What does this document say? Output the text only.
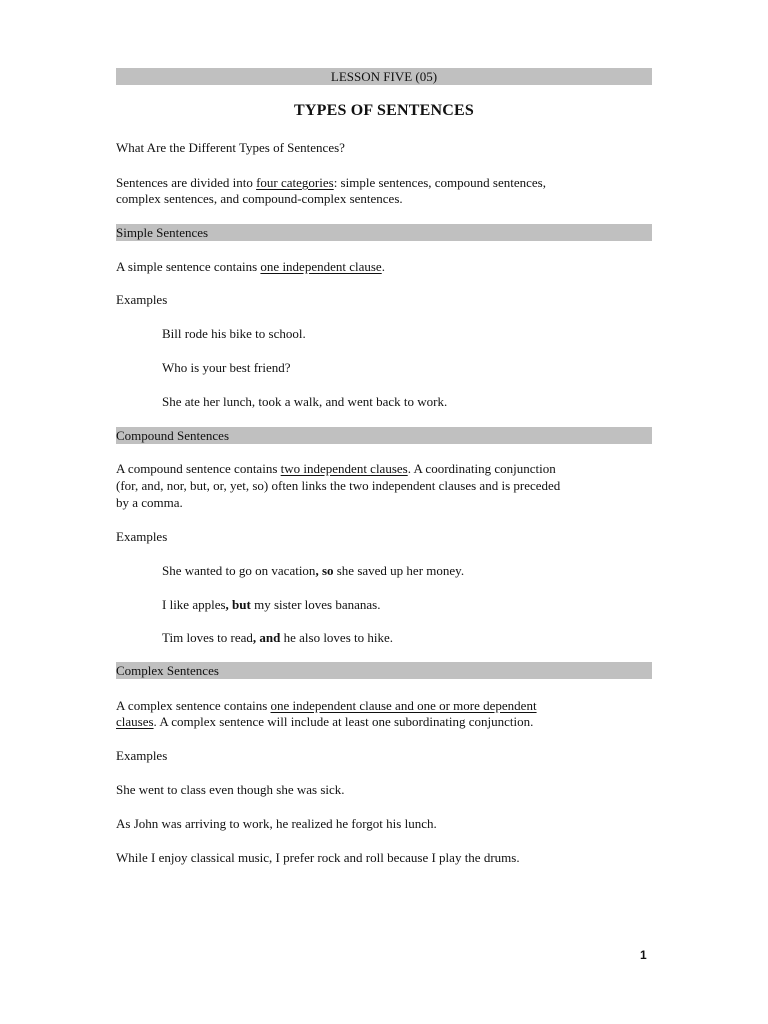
LESSON FIVE (05)
TYPES OF SENTENCES

What Are the Different Types of Sentences?

Sentences are divided into four categories: simple sentences, compound sentences,

complex sentences, and compound-complex sentences.

Simple Sentences

A simple sentence contains one independent clause.

Examples

Bill rode his bike to school.

Who is your best friend?

She ate her lunch, took a walk, and went back to work.

Compound Sentences

A compound sentence contains two independent clauses. A coordinating conjunction

(for, and, nor, but, or, yet, so) often links the two independent clauses and is preceded

by a comma.

Examples

She wanted to go on vacation, so she saved up her money.

I like apples, but my sister loves bananas.

Tim loves to read, and he also loves to hike.

Complex Sentences

A complex sentence contains one independent clause and one or more dependent

clauses. A complex sentence will include at least one subordinating conjunction.

Examples

She went to class even though she was sick.

As John was arriving to work, he realized he forgot his lunch.

While I enjoy classical music, I prefer rock and roll because I play the drums.

1
